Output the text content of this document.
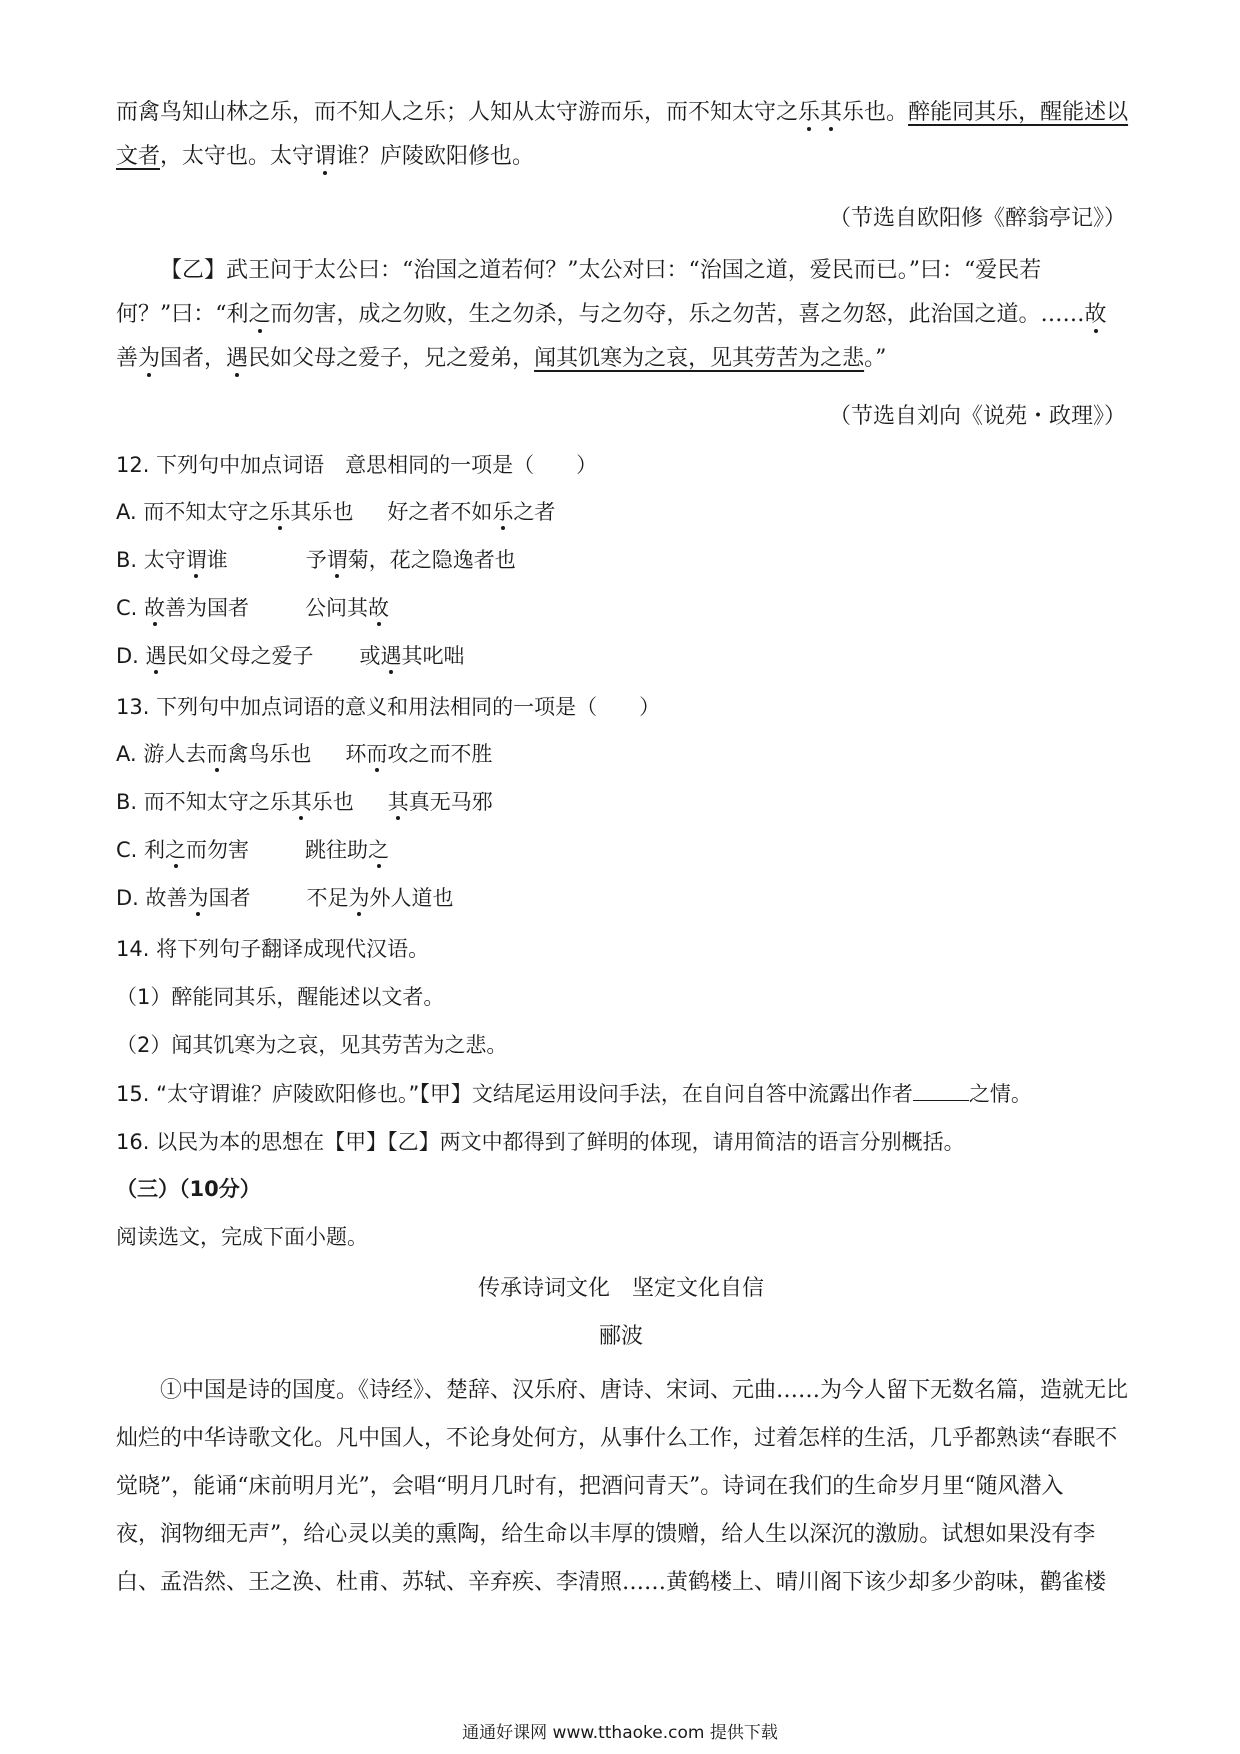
而禽鸟知山林之乐，而不知人之乐；人知从太守游而乐，而不知太守之乐其乐也。醉能同其乐，醒能述以
文者，太守也。太守谓谁？庐陵欧阳修也。
（节选自欧阳修《醉翁亭记》）
【乙】武王问于太公曰：“治国之道若何？”太公对曰：“治国之道，爱民而已。”曰：“爱民若
何？”曰：“利之而勿害，成之勿败，生之勿杀，与之勿夺，乐之勿苦，喜之勿怒，此治国之道。……故
善为国者，遇民如父母之爱子，兄之爱弟，闻其饥寒为之哀，见其劳苦为之悲。”
（节选自刘向《说苑・政理》）
12. 下列句中加点词语　意思相同的一项是（　　）
A. 而不知太守之乐其乐也 好之者不如乐之者
B. 太守谓谁	予谓菊，花之隐逸者也
C. 故善为国者	公问其故
D. 遇民如父母之爱子 或遇其叱咄
13. 下列句中加点词语的意义和用法相同的一项是（　　）
A. 游人去而禽鸟乐也 环而攻之而不胜
B. 而不知太守之乐其乐也 其真无马邪
C. 利之而勿害	跳往助之
D. 故善为国者	不足为外人道也
14. 将下列句子翻译成现代汉语。
（1）醉能同其乐，醒能述以文者。
（2）闻其饥寒为之哀，见其劳苦为之悲。
15. “太守谓谁？庐陵欧阳修也。”【甲】文结尾运用设问手法，在自问自答中流露出作者	之情。
16. 以民为本的思想在【甲】【乙】两文中都得到了鲜明的体现，请用简洁的语言分别概括。
（三）（10分）
阅读选文，完成下面小题。
传承诗词文化　坚定文化自信
郦波
①中国是诗的国度。《诗经》、楚辞、汉乐府、唐诗、宋词、元曲……为今人留下无数名篇，造就无比
灿烂的中华诗歌文化。凡中国人，不论身处何方，从事什么工作，过着怎样的生活，几乎都熟读“春眠不
觉晓”，能诵“床前明月光”，会唱“明月几时有，把酒问青天”。诗词在我们的生命岁月里“随风潜入
夜，润物细无声”，给心灵以美的熏陶，给生命以丰厚的馈赠，给人生以深沉的激励。试想如果没有李
白、孟浩然、王之涣、杜甫、苏轼、辛弃疾、李清照……黄鹤楼上、晴川阁下该少却多少韵味，鹳雀楼
通通好课网 www.tthaoke.com 提供下载
